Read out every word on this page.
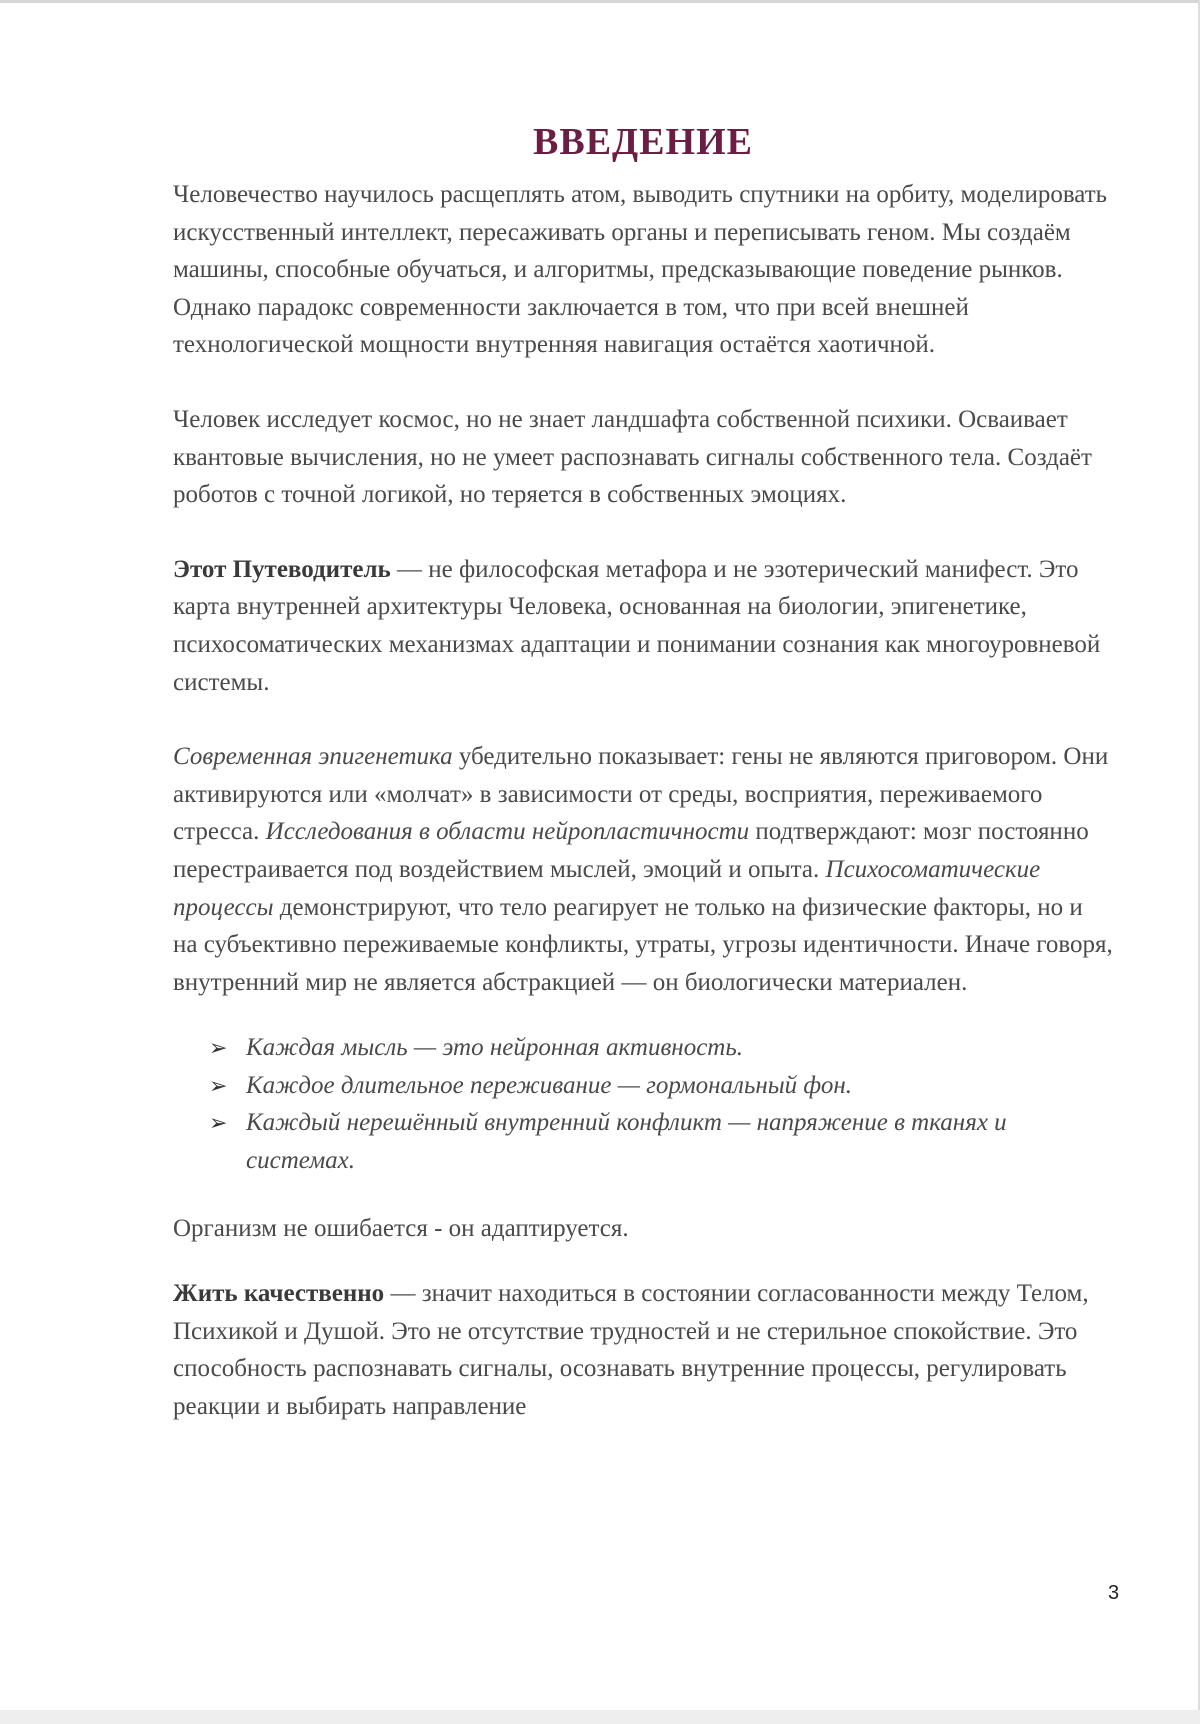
ВВЕДЕНИЕ

Человечество научилось расщеплять атом, выводить спутники на орбиту, моделировать искусственный интеллект, пересаживать органы и переписывать геном. Мы создаём машины, способные обучаться, и алгоритмы, предсказывающие поведение рынков. Однако парадокс современности заключается в том, что при всей внешней технологической мощности внутренняя навигация остаётся хаотичной.

Человек исследует космос, но не знает ландшафта собственной психики. Осваивает квантовые вычисления, но не умеет распознавать сигналы собственного тела. Создаёт роботов с точной логикой, но теряется в собственных эмоциях.

Этот Путеводитель — не философская метафора и не эзотерический манифест. Это карта внутренней архитектуры Человека, основанная на биологии, эпигенетике, психосоматических механизмах адаптации и понимании сознания как многоуровневой системы.

Современная эпигенетика убедительно показывает: гены не являются приговором. Они активируются или «молчат» в зависимости от среды, восприятия, переживаемого стресса. Исследования в области нейропластичности подтверждают: мозг постоянно перестраивается под воздействием мыслей, эмоций и опыта. Психосоматические процессы демонстрируют, что тело реагирует не только на физические факторы, но и на субъективно переживаемые конфликты, утраты, угрозы идентичности. Иначе говоря, внутренний мир не является абстракцией — он биологически материален.

➢ Каждая мысль — это нейронная активность.
➢ Каждое длительное переживание — гормональный фон.
➢ Каждый нерешённый внутренний конфликт — напряжение в тканях и системах.

Организм не ошибается - он адаптируется.

Жить качественно — значит находиться в состоянии согласованности между Телом, Психикой и Душой. Это не отсутствие трудностей и не стерильное спокойствие. Это способность распознавать сигналы, осознавать внутренние процессы, регулировать реакции и выбирать направление

3
